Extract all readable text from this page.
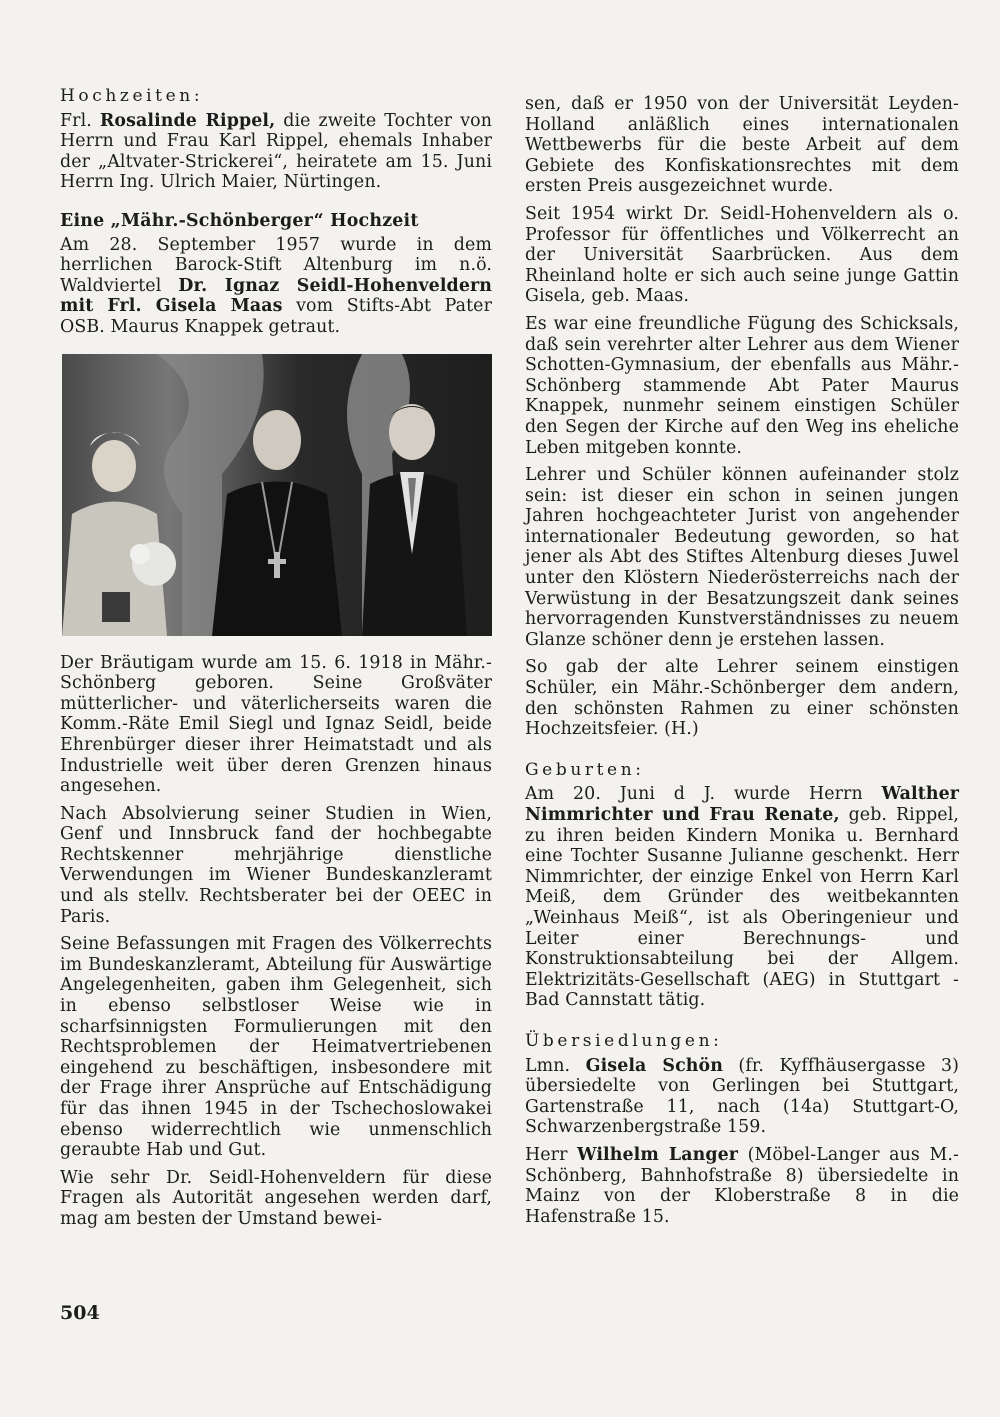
Hochzeiten:

Frl. Rosalinde Rippel, die zweite Tochter von Herrn und Frau Karl Rippel, ehemals Inhaber der „Altvater-Strickerei“, heiratete am 15. Juni Herrn Ing. Ulrich Maier, Nürtingen.

Eine „Mähr.-Schönberger“ Hochzeit

Am 28. September 1957 wurde in dem herrlichen Barock-Stift Altenburg im n.ö. Waldviertel Dr. Ignaz Seidl-Hohenveldern mit Frl. Gisela Maas vom Stifts-Abt Pater OSB. Maurus Knappek getraut.

Der Bräutigam wurde am 15. 6. 1918 in Mähr.-Schönberg geboren. Seine Großväter mütterlicher- und väterlicherseits waren die Komm.-Räte Emil Siegl und Ignaz Seidl, beide Ehrenbürger dieser ihrer Heimatstadt und als Industrielle weit über deren Grenzen hinaus angesehen.

Nach Absolvierung seiner Studien in Wien, Genf und Innsbruck fand der hochbegabte Rechtskenner mehrjährige dienstliche Verwendungen im Wiener Bundeskanzleramt und als stellv. Rechtsberater bei der OEEC in Paris.

Seine Befassungen mit Fragen des Völkerrechts im Bundeskanzleramt, Abteilung für Auswärtige Angelegenheiten, gaben ihm Gelegenheit, sich in ebenso selbstloser Weise wie in scharfsinnigsten Formulierungen mit den Rechtsproblemen der Heimatvertriebenen eingehend zu beschäftigen, insbesondere mit der Frage ihrer Ansprüche auf Entschädigung für das ihnen 1945 in der Tschechoslowakei ebenso widerrechtlich wie unmenschlich geraubte Hab und Gut.

Wie sehr Dr. Seidl-Hohenveldern für diese Fragen als Autorität angesehen werden darf, mag am besten der Umstand bewei-

sen, daß er 1950 von der Universität Leyden-Holland anläßlich eines internationalen Wettbewerbs für die beste Arbeit auf dem Gebiete des Konfiskationsrechtes mit dem ersten Preis ausgezeichnet wurde.

Seit 1954 wirkt Dr. Seidl-Hohenveldern als o. Professor für öffentliches und Völkerrecht an der Universität Saarbrücken. Aus dem Rheinland holte er sich auch seine junge Gattin Gisela, geb. Maas.

Es war eine freundliche Fügung des Schicksals, daß sein verehrter alter Lehrer aus dem Wiener Schotten-Gymnasium, der ebenfalls aus Mähr.-Schönberg stammende Abt Pater Maurus Knappek, nunmehr seinem einstigen Schüler den Segen der Kirche auf den Weg ins eheliche Leben mitgeben konnte.

Lehrer und Schüler können aufeinander stolz sein: ist dieser ein schon in seinen jungen Jahren hochgeachteter Jurist von angehender internationaler Bedeutung geworden, so hat jener als Abt des Stiftes Altenburg dieses Juwel unter den Klöstern Niederösterreichs nach der Verwüstung in der Besatzungszeit dank seines hervorragenden Kunstverständnisses zu neuem Glanze schöner denn je erstehen lassen.

So gab der alte Lehrer seinem einstigen Schüler, ein Mähr.-Schönberger dem andern, den schönsten Rahmen zu einer schönsten Hochzeitsfeier. (H.)

Geburten:

Am 20. Juni d J. wurde Herrn Walther Nimmrichter und Frau Renate, geb. Rippel, zu ihren beiden Kindern Monika u. Bernhard eine Tochter Susanne Julianne geschenkt. Herr Nimmrichter, der einzige Enkel von Herrn Karl Meiß, dem Gründer des weitbekannten „Weinhaus Meiß“, ist als Oberingenieur und Leiter einer Berechnungs- und Konstruktionsabteilung bei der Allgem. Elektrizitäts-Gesellschaft (AEG) in Stuttgart - Bad Cannstatt tätig.

Übersiedlungen:

Lmn. Gisela Schön (fr. Kyffhäusergasse 3) übersiedelte von Gerlingen bei Stuttgart, Gartenstraße 11, nach (14a) Stuttgart-O, Schwarzenbergstraße 159.

Herr Wilhelm Langer (Möbel-Langer aus M.-Schönberg, Bahnhofstraße 8) übersiedelte in Mainz von der Kloberstraße 8 in die Hafenstraße 15.

504
